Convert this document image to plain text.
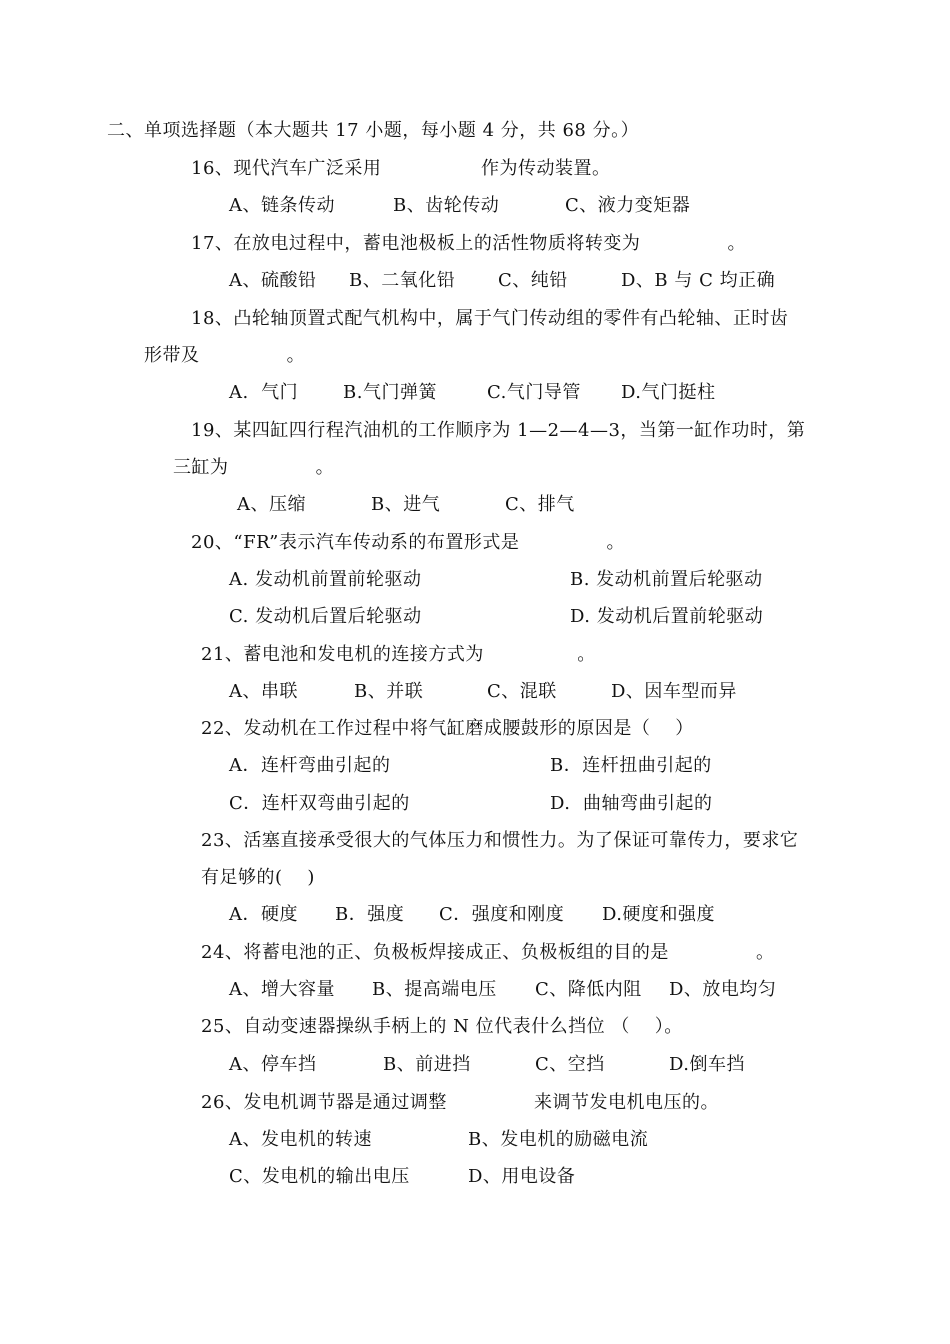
二、单项选择题（本大题共 17 小题，每小题 4 分，共 68 分。）
16、现代汽车广泛采用                作为传动装置。
A、链条传动	B、齿轮传动	C、液力变矩器
17、在放电过程中，蓄电池极板上的活性物质将转变为              。
A、硫酸铅 B、二氧化铅 C、纯铅	D、B 与 C 均正确
18、凸轮轴顶置式配气机构中，属于气门传动组的零件有凸轮轴、正时齿
形带及              。
A.  气门 B.气门弹簧	C.气门导管 D.气门挺柱
19、某四缸四行程汽油机的工作顺序为 1—2—4—3，当第一缸作功时，第
三缸为              。
A、压缩	B、进气	C、排气
20、“FR”表示汽车传动系的布置形式是              。
A. 发动机前置前轮驱动	B. 发动机前置后轮驱动
C. 发动机后置后轮驱动	D. 发动机后置前轮驱动
21、蓄电池和发电机的连接方式为               。
A、串联	B、并联	C、混联	D、因车型而异
22、发动机在工作过程中将气缸磨成腰鼓形的原因是（    ）
A．连杆弯曲引起的	B．连杆扭曲引起的
C．连杆双弯曲引起的	D.  曲轴弯曲引起的
23、活塞直接承受很大的气体压力和惯性力。为了保证可靠传力，要求它
有足够的(    )
A．硬度 B．强度 C．强度和刚度 D.硬度和强度
24、将蓄电池的正、负极板焊接成正、负极板组的目的是              。
A、增大容量 B、提高端电压 C、降低内阻 D、放电均匀
25、自动变速器操纵手柄上的 N 位代表什么挡位 （    ）。
A、停车挡	B、前进挡	C、空挡	D.倒车挡
26、发电机调节器是通过调整              来调节发电机电压的。
A、发电机的转速	B、发电机的励磁电流
C、发电机的输出电压	D、用电设备
